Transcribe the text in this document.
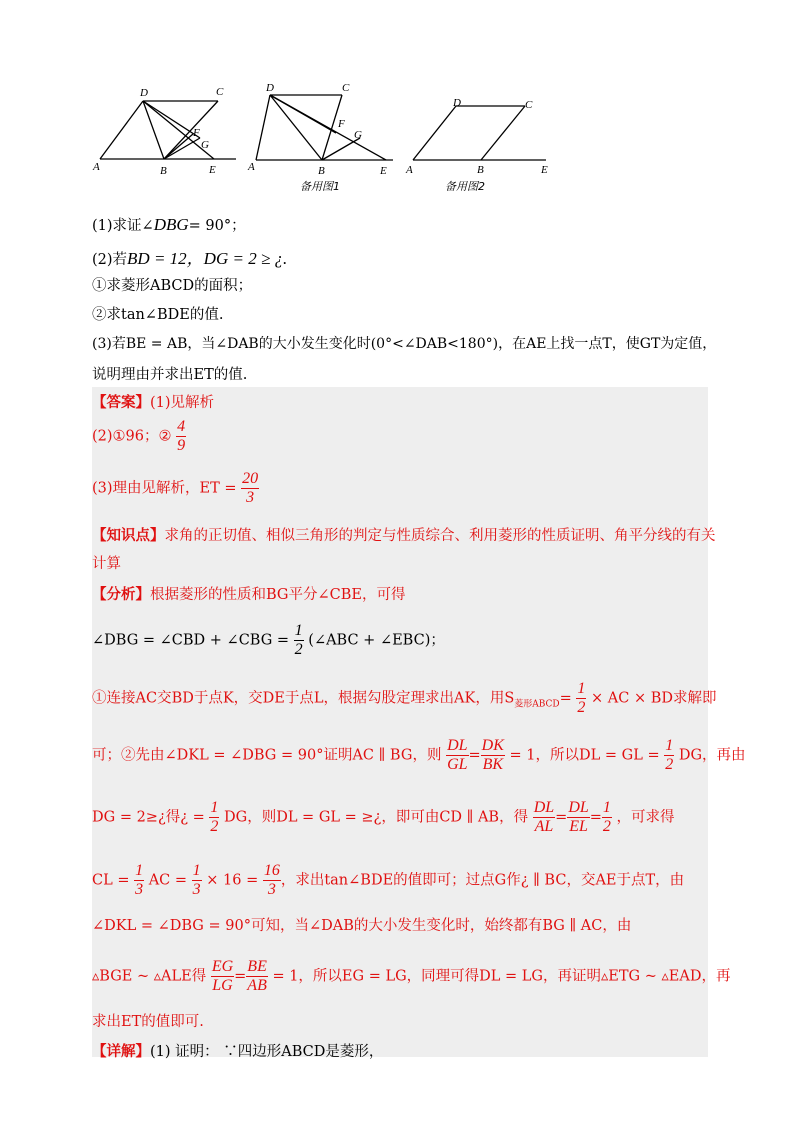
A	B
C
D
E
F
G
A	B
C
D
E
F
G
备用图1
A	B
C
D
E
备用图2
(1)求证∠DBG= 90°；
(2)若BD = 12，DG = 2 ≥ ¿.
①求菱形ABCD的面积；
②求tan∠BDE的值.
(3)若BE = AB，当∠DAB的大小发生变化时(0°<∠DAB<180°)，在AE上找一点T，使GT为定值，
说明理由并求出ET的值.
【答案】(1)见解析
(2)①96；② $\frac{4}{9}$
(3)理由见解析，ET = $\frac{20}{3}$
【知识点】求角的正切值、相似三角形的判定与性质综合、利用菱形的性质证明、角平分线的有关
计算
【分析】根据菱形的性质和BG平分∠CBE，可得
∠DBG = ∠CBD + ∠CBG = $\frac{1}{2}$ (∠ABC + ∠EBC)；
①连接AC交BD于点K，交DE于点L，根据勾股定理求出AK，用$S_{菱形ABCD}= \frac{1}{2}$ × AC × BD求解即
可；②先由∠DKL = ∠DBG = 90°证明AC ∥ BG，则 $\frac{DL}{GL} = \frac{DK}{BK} = 1$，所以DL = GL = $\frac{1}{2}$ DG，再由
DG = 2≥¿得¿ = $\frac{1}{2}$ DG，则DL = GL = ≥¿，即可由CD ∥ AB，得 $\frac{DL}{AL} = \frac{DL}{EL} = \frac{1}{2}$ ，可求得
CL = $\frac{1}{3}$ AC = $\frac{1}{3} \times 16 = \frac{16}{3}$ ，求出tan∠BDE的值即可；过点G作¿ ∥ BC，交AE于点T，由
∠DKL = ∠DBG = 90°可知，当∠DAB的大小发生变化时，始终都有BG ∥ AC，由
▵BGE ~ ▵ALE得 $\frac{EG}{LG} = \frac{BE}{AB} = 1$，所以EG = LG，同理可得DL = LG，再证明▵ETG ~ ▵EAD，再
求出ET的值即可.
【详解】(1) 证明： ∵四边形ABCD是菱形，
